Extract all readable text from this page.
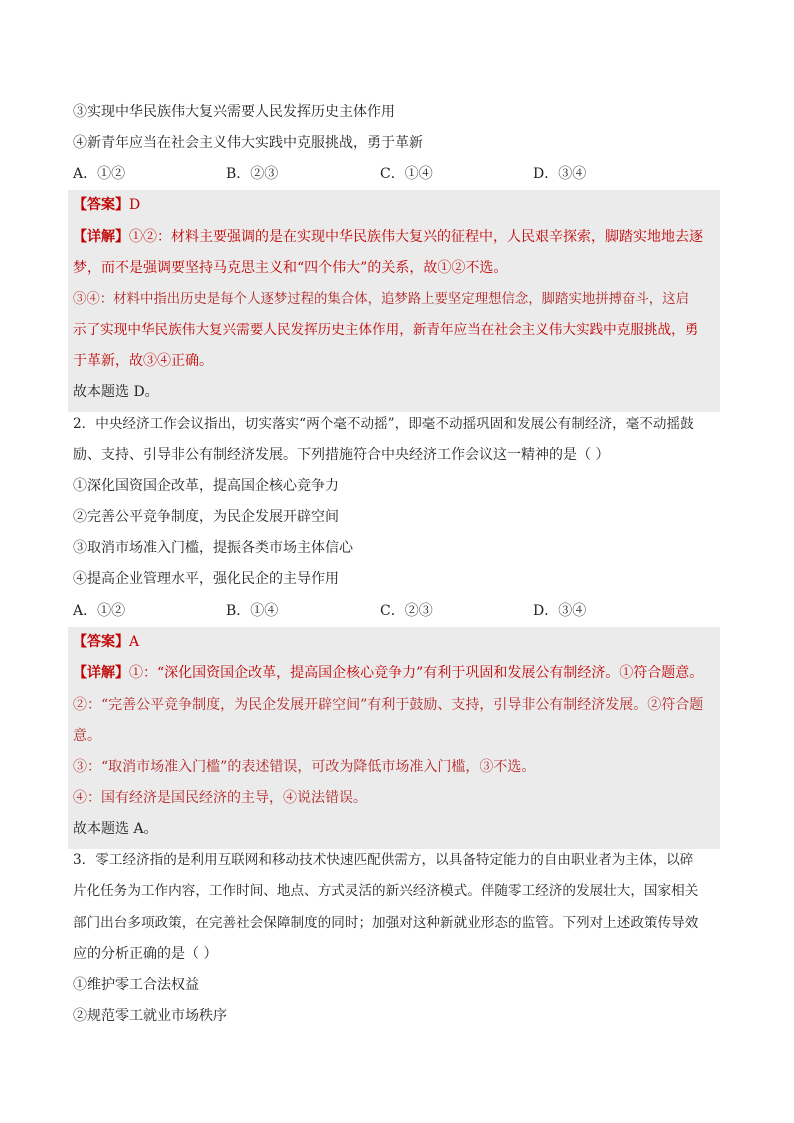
③实现中华民族伟大复兴需要人民发挥历史主体作用
④新青年应当在社会主义伟大实践中克服挑战，勇于革新
A．①②	B．②③	C．①④	D．③④
【答案】D
【详解】①②：材料主要强调的是在实现中华民族伟大复兴的征程中，人民艰辛探索，脚踏实地地去逐
梦，而不是强调要坚持马克思主义和“四个伟大”的关系，故①②不选。
③④：材料中指出历史是每个人逐梦过程的集合体，追梦路上要坚定理想信念，脚踏实地拼搏奋斗，这启
示了实现中华民族伟大复兴需要人民发挥历史主体作用，新青年应当在社会主义伟大实践中克服挑战，勇
于革新，故③④正确。
故本题选 D。
2．中央经济工作会议指出，切实落实“两个毫不动摇”，即毫不动摇巩固和发展公有制经济，毫不动摇鼓
励、支持、引导非公有制经济发展。下列措施符合中央经济工作会议这一精神的是（ ）
①深化国资国企改革，提高国企核心竞争力
②完善公平竞争制度，为民企发展开辟空间
③取消市场准入门槛，提振各类市场主体信心
④提高企业管理水平，强化民企的主导作用
A．①②	B．①④	C．②③	D．③④
【答案】A
【详解】①：“深化国资国企改革，提高国企核心竞争力”有利于巩固和发展公有制经济。①符合题意。
②：“完善公平竞争制度，为民企发展开辟空间”有利于鼓励、支持，引导非公有制经济发展。②符合题
意。
③：“取消市场准入门槛”的表述错误，可改为降低市场准入门槛，③不选。
④：国有经济是国民经济的主导，④说法错误。
故本题选 A。
3．零工经济指的是利用互联网和移动技术快速匹配供需方，以具备特定能力的自由职业者为主体，以碎
片化任务为工作内容，工作时间、地点、方式灵活的新兴经济模式。伴随零工经济的发展壮大，国家相关
部门出台多项政策，在完善社会保障制度的同时；加强对这种新就业形态的监管。下列对上述政策传导效
应的分析正确的是（ ）
①维护零工合法权益
②规范零工就业市场秩序
